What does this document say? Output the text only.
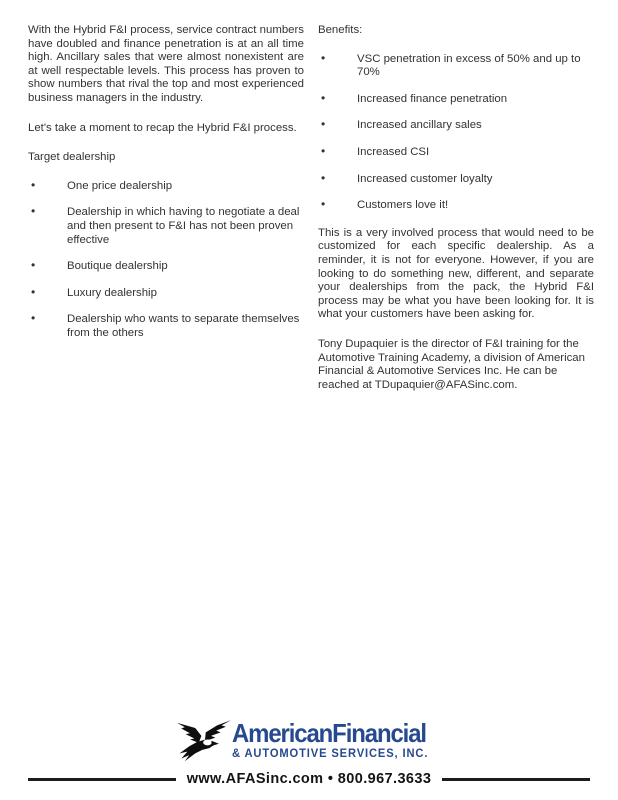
With the Hybrid F&I process, service contract numbers have doubled and finance penetration is at an all time high. Ancillary sales that were almost nonexistent are at well respectable levels. This process has proven to show numbers that rival the top and most experienced business managers in the industry.

Let's take a moment to recap the Hybrid F&I process.

Target dealership

•	One price dealership
•	Dealership in which having to negotiate a deal and then present to F&I has not been proven effective
•	Boutique dealership
•	Luxury dealership
•	Dealership who wants to separate themselves from the others

Benefits:

•	VSC penetration in excess of 50% and up to 70%
•	Increased finance penetration
•	Increased ancillary sales
•	Increased CSI
•	Increased customer loyalty
•	Customers love it!

This is a very involved process that would need to be customized for each specific dealership. As a reminder, it is not for everyone. However, if you are looking to do something new, different, and separate your dealerships from the pack, the Hybrid F&I process may be what you have been looking for. It is what your customers have been asking for.

Tony Dupaquier is the director of F&I training for the Automotive Training Academy, a division of American Financial & Automotive Services Inc. He can be reached at TDupaquier@AFASinc.com.

AmericanFinancial
& AUTOMOTIVE SERVICES, INC.
www.AFASinc.com • 800.967.3633
